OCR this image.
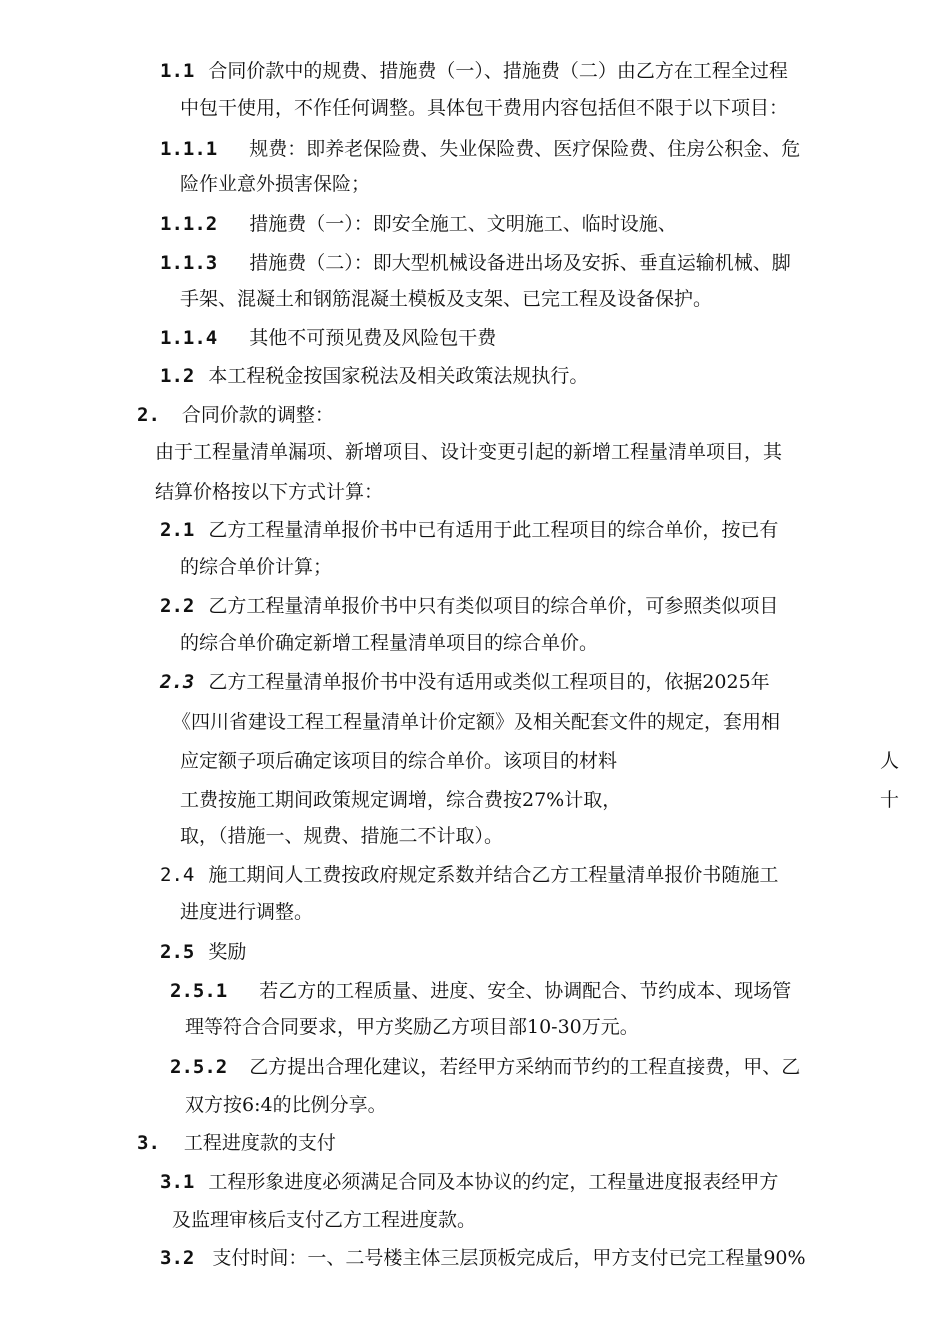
1.1 合同价款中的规费、措施费（一）、措施费（二）由乙方在工程全过程
中包干使用，不作任何调整。具体包干费用内容包括但不限于以下项目：
1.1.1 规费：即养老保险费、失业保险费、医疗保险费、住房公积金、危
险作业意外损害保险；
1.1.2 措施费（一）：即安全施工、文明施工、临时设施、
1.1.3 措施费（二）：即大型机械设备进出场及安拆、垂直运输机械、脚
手架、混凝土和钢筋混凝土模板及支架、已完工程及设备保护。
1.1.4 其他不可预见费及风险包干费
1.2 本工程税金按国家税法及相关政策法规执行。
2. 合同价款的调整：
由于工程量清单漏项、新增项目、设计变更引起的新增工程量清单项目，其
结算价格按以下方式计算：
2.1 乙方工程量清单报价书中已有适用于此工程项目的综合单价，按已有
的综合单价计算；
2.2 乙方工程量清单报价书中只有类似项目的综合单价，可参照类似项目
的综合单价确定新增工程量清单项目的综合单价。
2.3 乙方工程量清单报价书中没有适用或类似工程项目的，依据2025年
《四川省建设工程工程量清单计价定额》及相关配套文件的规定，套用相
应定额子项后确定该项目的综合单价。该项目的材料	人
工费按施工期间政策规定调增，综合费按27%计取，	十
取，（措施一、规费、措施二不计取）。
2.4 施工期间人工费按政府规定系数并结合乙方工程量清单报价书随施工
进度进行调整。
2.5 奖励
2.5.1 若乙方的工程质量、进度、安全、协调配合、节约成本、现场管
理等符合合同要求，甲方奖励乙方项目部10-30万元。
2.5.2 乙方提出合理化建议，若经甲方采纳而节约的工程直接费，甲、乙
双方按6:4的比例分享。
3. 工程进度款的支付
3.1 工程形象进度必须满足合同及本协议的约定，工程量进度报表经甲方
及监理审核后支付乙方工程进度款。
3.2 支付时间：一、二号楼主体三层顶板完成后，甲方支付已完工程量90%
